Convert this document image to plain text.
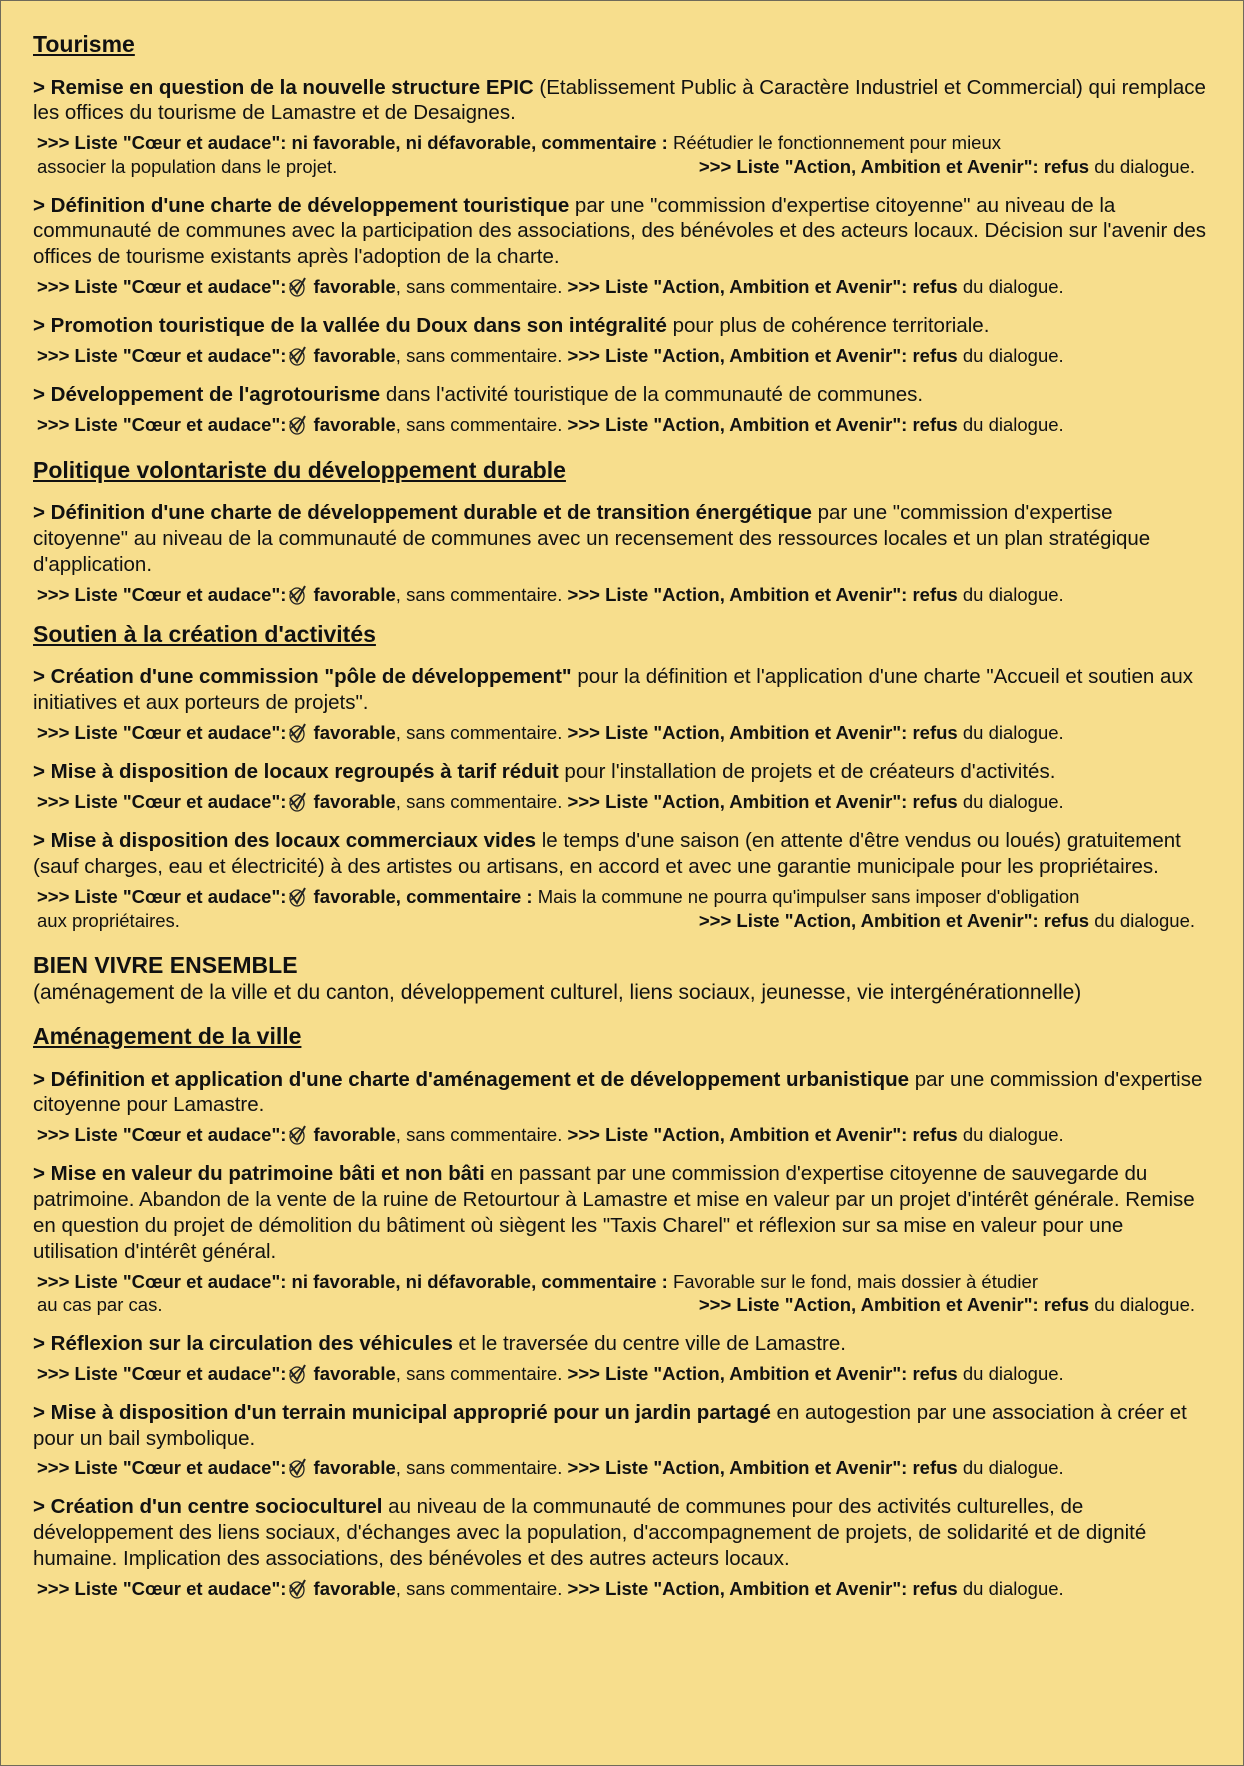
Tourisme
> Remise en question de la nouvelle structure EPIC (Etablissement Public à Caractère Industriel et Commercial) qui remplace les offices du tourisme de Lamastre et de Desaignes.
>>> Liste "Cœur et audace": ni favorable, ni défavorable, commentaire : Réétudier le fonctionnement pour mieux
associer la population dans le projet.	>>> Liste "Action, Ambition et Avenir": refus du dialogue.
> Définition d'une charte de développement touristique par une "commission d'expertise citoyenne" au niveau de la communauté de communes avec la participation des associations, des bénévoles et des acteurs locaux. Décision sur l'avenir des offices de tourisme existants après l'adoption de la charte.
>>> Liste "Cœur et audace": favorable, sans commentaire. >>> Liste "Action, Ambition et Avenir": refus du dialogue.
> Promotion touristique de la vallée du Doux dans son intégralité pour plus de cohérence territoriale.
>>> Liste "Cœur et audace": favorable, sans commentaire. >>> Liste "Action, Ambition et Avenir": refus du dialogue.
> Développement de l'agrotourisme dans l'activité touristique de la communauté de communes.
>>> Liste "Cœur et audace": favorable, sans commentaire. >>> Liste "Action, Ambition et Avenir": refus du dialogue.
Politique volontariste du développement durable
> Définition d'une charte de développement durable et de transition énergétique par une "commission d'expertise citoyenne" au niveau de la communauté de communes avec un recensement des ressources locales et un plan stratégique d'application.
>>> Liste "Cœur et audace": favorable, sans commentaire. >>> Liste "Action, Ambition et Avenir": refus du dialogue.
Soutien à la création d'activités
> Création d'une commission "pôle de développement" pour la définition et l'application d'une charte "Accueil et soutien aux initiatives et aux porteurs de projets".
>>> Liste "Cœur et audace": favorable, sans commentaire. >>> Liste "Action, Ambition et Avenir": refus du dialogue.
> Mise à disposition de locaux regroupés à tarif réduit pour l'installation de projets et de créateurs d'activités.
>>> Liste "Cœur et audace": favorable, sans commentaire. >>> Liste "Action, Ambition et Avenir": refus du dialogue.
> Mise à disposition des locaux commerciaux vides le temps d'une saison (en attente d'être vendus ou loués) gratuitement (sauf charges, eau et électricité) à des artistes ou artisans, en accord et avec une garantie municipale pour les propriétaires.
>>> Liste "Cœur et audace": favorable, commentaire : Mais la commune ne pourra qu'impulser sans imposer d'obligation
aux propriétaires.	>>> Liste "Action, Ambition et Avenir": refus du dialogue.
BIEN VIVRE ENSEMBLE
(aménagement de la ville et du canton, développement culturel, liens sociaux, jeunesse, vie intergénérationnelle)
Aménagement de la ville
> Définition et application d'une charte d'aménagement et de développement urbanistique par une commission d'expertise citoyenne pour Lamastre.
>>> Liste "Cœur et audace": favorable, sans commentaire. >>> Liste "Action, Ambition et Avenir": refus du dialogue.
> Mise en valeur du patrimoine bâti et non bâti en passant par une commission d'expertise citoyenne de sauvegarde du patrimoine. Abandon de la vente de la ruine de Retourtour à Lamastre et mise en valeur par un projet d'intérêt générale. Remise en question du projet de démolition du bâtiment où siègent les "Taxis Charel" et réflexion sur sa mise en valeur pour une utilisation d'intérêt général.
>>> Liste "Cœur et audace": ni favorable, ni défavorable, commentaire : Favorable sur le fond, mais dossier à étudier
au cas par cas.	>>> Liste "Action, Ambition et Avenir": refus du dialogue.
> Réflexion sur la circulation des véhicules et le traversée du centre ville de Lamastre.
>>> Liste "Cœur et audace": favorable, sans commentaire. >>> Liste "Action, Ambition et Avenir": refus du dialogue.
> Mise à disposition d'un terrain municipal approprié pour un jardin partagé en autogestion par une association à créer et pour un bail symbolique.
>>> Liste "Cœur et audace": favorable, sans commentaire. >>> Liste "Action, Ambition et Avenir": refus du dialogue.
> Création d'un centre socioculturel au niveau de la communauté de communes pour des activités culturelles, de développement des liens sociaux, d'échanges avec la population, d'accompagnement de projets, de solidarité et de dignité humaine. Implication des associations, des bénévoles et des autres acteurs locaux.
>>> Liste "Cœur et audace": favorable, sans commentaire. >>> Liste "Action, Ambition et Avenir": refus du dialogue.
